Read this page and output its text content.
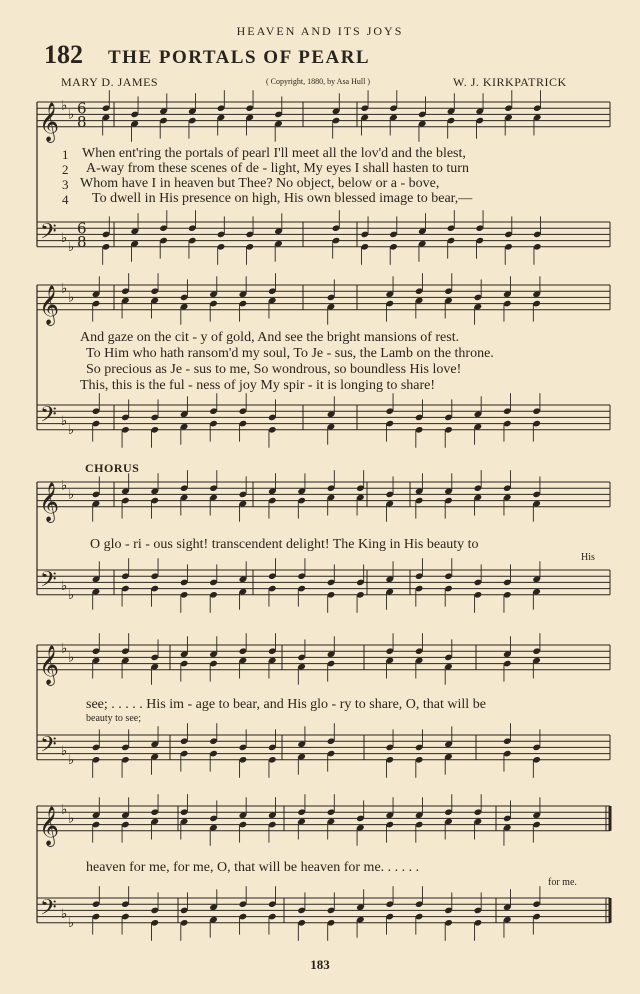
HEAVEN AND ITS JOYS
182 THE PORTALS OF PEARL
MARY D. JAMES	( Copyright, 1880, by Asa Hull )	W. J. KIRKPATRICK
1 When ent'ring the portals of pearl I'll meet all the lov'd and the blest,
2 A-way from these scenes of de - light, My eyes I shall hasten to turn
3 Whom have I in heaven but Thee? No object, below or a - bove,
4 To dwell in His presence on high, His own blessed image to bear,—
And gaze on the cit - y of gold, And see the bright mansions of rest.
To Him who hath ransom'd my soul, To Je - sus, the Lamb on the throne.
So precious as Je - sus to me, So wondrous, so boundless His love!
This, this is the ful - ness of joy My spir - it is longing to share!
CHORUS
O glo - ri - ous sight! transcendent delight! The King in His beauty to
His
see; . . . . . His im - age to bear, and His glo - ry to share, O, that will be
beauty to see;
heaven for me, for me, O, that will be heaven for me. . . . . .
for me.
183
𝄞
𝄢
♭
♭
♭
♭
6
8
6
8
𝄞
𝄢
♭
♭
♭
♭
𝄞
𝄢
♭
♭
♭
♭
𝄞
𝄢
♭
♭
♭
♭
𝄞
𝄢
♭
♭
♭
♭
